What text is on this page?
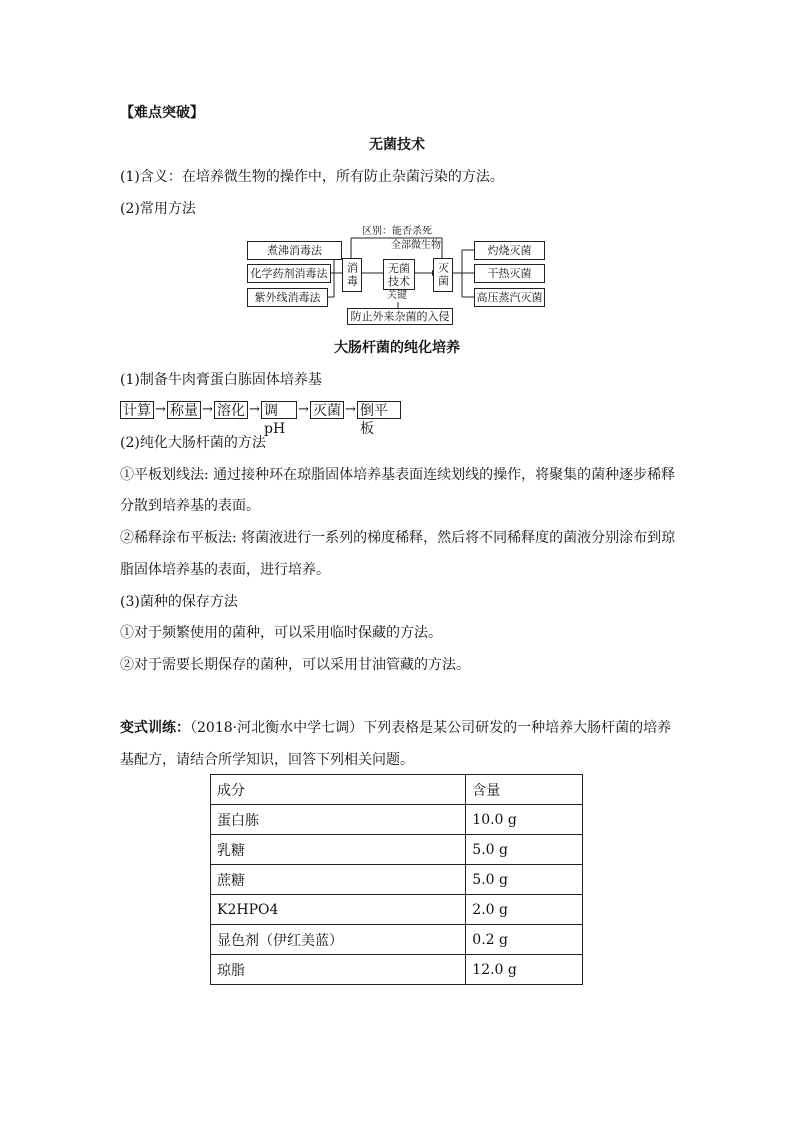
【难点突破】
无菌技术
(1)含义：在培养微生物的操作中，所有防止杂菌污染的方法。
(2)常用方法
煮沸消毒法
化学药剂消毒法
紫外线消毒法
消毒	无菌技术	灭菌
区别：能否杀死
全部微生物
关键
灼烧灭菌
干热灭菌
高压蒸汽灭菌
防止外来杂菌的入侵
大肠杆菌的纯化培养
(1)制备牛肉膏蛋白胨固体培养基
计算 → 称量 → 溶化 → 调 pH
→ 灭菌 → 倒平板
(2)纯化大肠杆菌的方法
①平板划线法: 通过接种环在琼脂固体培养基表面连续划线的操作，将聚集的菌种逐步稀释
分散到培养基的表面。
②稀释涂布平板法: 将菌液进行一系列的梯度稀释，然后将不同稀释度的菌液分别涂布到琼
脂固体培养基的表面，进行培养。
(3)菌种的保存方法
①对于频繁使用的菌种，可以采用临时保藏的方法。
②对于需要长期保存的菌种，可以采用甘油管藏的方法。
变式训练：（2018·河北衡水中学七调）下列表格是某公司研发的一种培养大肠杆菌的培养
基配方，请结合所学知识，回答下列相关问题。
成分	含量
蛋白胨	10.0 g
乳糖	5.0 g
蔗糖	5.0 g
K2HPO4	2.0 g
显色剂（伊红美蓝）	0.2 g
琼脂	12.0 g
